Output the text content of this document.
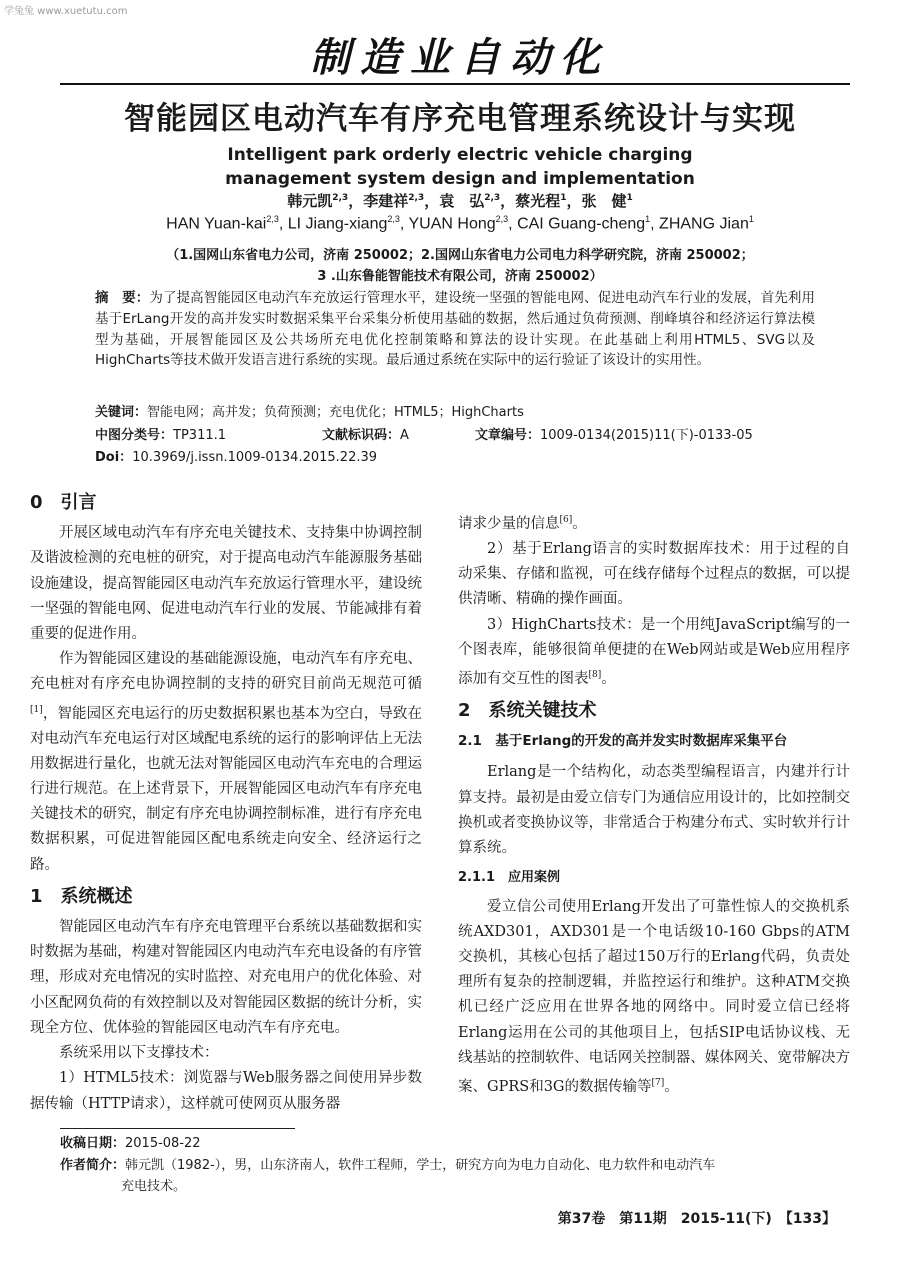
学兔兔 www.xuetutu.com
制造业自动化
智能园区电动汽车有序充电管理系统设计与实现
Intelligent park orderly electric vehicle charging
management system design and implementation
韩元凯$^{2,3}$，李建祥$^{2,3}$，袁　弘$^{2,3}$，蔡光程$^1$，张　健$^1$
HAN Yuan-kai$^{2,3}$, LI Jiang-xiang$^{2,3}$, YUAN Hong$^{2,3}$, CAI Guang-cheng$^1$, ZHANG Jian$^1$
（1.国网山东省电力公司，济南 250002；2.国网山东省电力公司电力科学研究院，济南 250002；
3 .山东鲁能智能技术有限公司，济南 250002）
摘　要：为了提高智能园区电动汽车充放运行管理水平，建设统一坚强的智能电网、促进电动汽车行业的发展，首先利用基于ErLang开发的高并发实时数据采集平台采集分析使用基础的数据，然后通过负荷预测、削峰填谷和经济运行算法模型为基础，开展智能园区及公共场所充电优化控制策略和算法的设计实现。在此基础上利用HTML5、SVG以及HighCharts等技术做开发语言进行系统的实现。最后通过系统在实际中的运行验证了该设计的实用性。
关键词：智能电网；高并发；负荷预测；充电优化；HTML5；HighCharts
中图分类号：TP311.1	文献标识码：A	文章编号：1009-0134(2015)11(下)-0133-05
Doi：10.3969/j.issn.1009-0134.2015.22.39
0　引言

开展区域电动汽车有序充电关键技术、支持集中协调控制及谐波检测的充电桩的研究，对于提高电动汽车能源服务基础设施建设，提高智能园区电动汽车充放运行管理水平，建设统一坚强的智能电网、促进电动汽车行业的发展、节能减排有着重要的促进作用。

作为智能园区建设的基础能源设施，电动汽车有序充电、充电桩对有序充电协调控制的支持的研究目前尚无规范可循[1]，智能园区充电运行的历史数据积累也基本为空白，导致在对电动汽车充电运行对区域配电系统的运行的影响评估上无法用数据进行量化，也就无法对智能园区电动汽车充电的合理运行进行规范。在上述背景下，开展智能园区电动汽车有序充电关键技术的研究，制定有序充电协调控制标准，进行有序充电数据积累，可促进智能园区配电系统走向安全、经济运行之路。

1　系统概述

智能园区电动汽车有序充电管理平台系统以基础数据和实时数据为基础，构建对智能园区内电动汽车充电设备的有序管理，形成对充电情况的实时监控、对充电用户的优化体验、对小区配网负荷的有效控制以及对智能园区数据的统计分析，实现全方位、优体验的智能园区电动汽车有序充电。

系统采用以下支撑技术：

1）HTML5技术：浏览器与Web服务器之间使用异步数据传输（HTTP请求），这样就可使网页从服务器

请求少量的信息[6]。

2）基于Erlang语言的实时数据库技术：用于过程的自动采集、存储和监视，可在线存储每个过程点的数据，可以提供清晰、精确的操作画面。

3）HighCharts技术：是一个用纯JavaScript编写的一个图表库，能够很简单便捷的在Web网站或是Web应用程序添加有交互性的图表[8]。

2　系统关键技术
2.1　基于Erlang的开发的高并发实时数据库采集平台

Erlang是一个结构化，动态类型编程语言，内建并行计算支持。最初是由爱立信专门为通信应用设计的，比如控制交换机或者变换协议等，非常适合于构建分布式、实时软并行计算系统。

2.1.1　应用案例

爱立信公司使用Erlang开发出了可靠性惊人的交换机系统AXD301，AXD301是一个电话级10-160 Gbps的ATM交换机，其核心包括了超过150万行的Erlang代码，负责处理所有复杂的控制逻辑，并监控运行和维护。这种ATM交换机已经广泛应用在世界各地的网络中。同时爱立信已经将Erlang运用在公司的其他项目上，包括SIP电话协议栈、无线基站的控制软件、电话网关控制器、媒体网关、宽带解决方案、GPRS和3G的数据传输等[7]。

收稿日期：2015-08-22
作者简介：韩元凯（1982-），男，山东济南人，软件工程师，学士，研究方向为电力自动化、电力软件和电动汽车
充电技术。
第37卷　第11期　2015-11(下)　【133】
